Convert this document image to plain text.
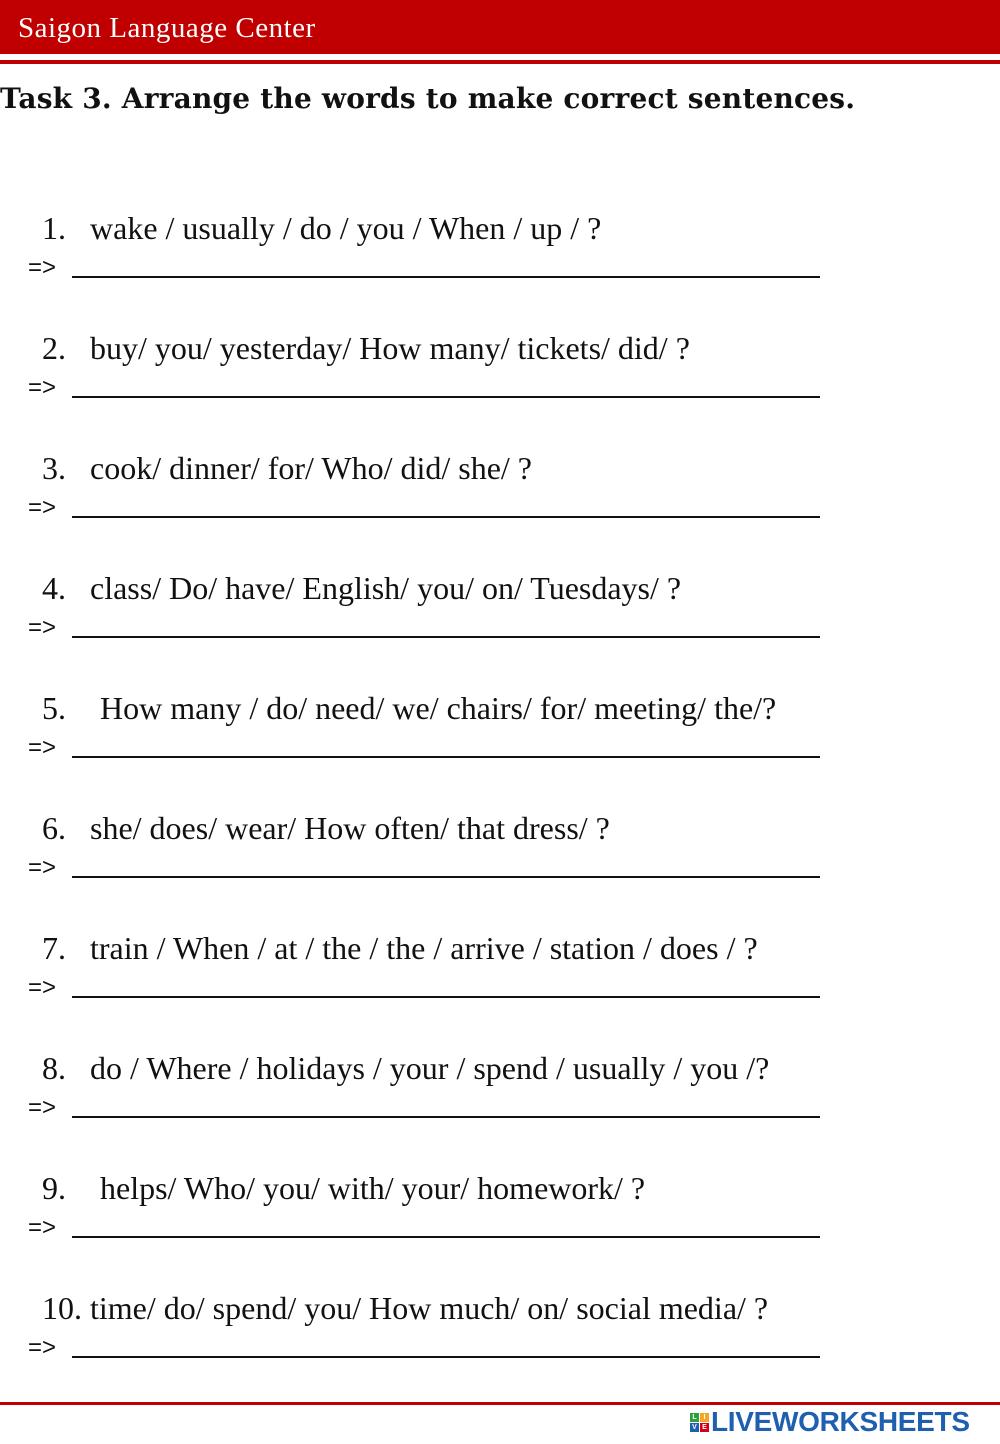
Saigon Language Center
Task 3. Arrange the words to make correct sentences.

1. wake / usually / do / you / When / up / ?

=>

2. buy/ you/ yesterday/ How many/ tickets/ did/ ?

=>

3. cook/ dinner/ for/ Who/ did/ she/ ?

=>

4. class/ Do/ have/ English/ you/ on/ Tuesdays/ ?

=>

5. How many / do/ need/ we/ chairs/ for/ meeting/ the/?

=>

6. she/ does/ wear/ How often/ that dress/ ?

=>

7. train / When / at / the / the / arrive / station / does / ?

=>

8. do / Where / holidays / your / spend / usually / you /?

=>

9. helps/ Who/ you/ with/ your/ homework/ ?

=>

10. time/ do/ spend/ you/ How much/ on/ social media/ ?

=>
L I
V E LIVEWORKSHEETS
